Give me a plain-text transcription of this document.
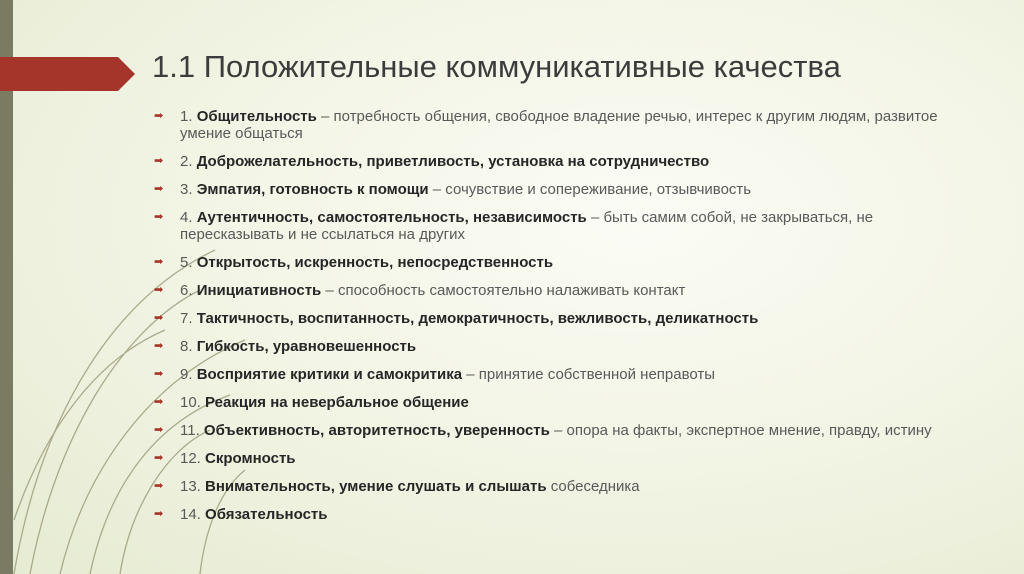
1.1 Положительные коммуникативные качества
➡ 1. Общительность – потребность общения, свободное владение речью, интерес к другим людям, развитое умение общаться
➡ 2. Доброжелательность, приветливость, установка на сотрудничество
➡ 3. Эмпатия, готовность к помощи – сочувствие и сопереживание, отзывчивость
➡ 4. Аутентичность, самостоятельность, независимость – быть самим собой, не закрываться, не пересказывать и не ссылаться на других
➡ 5. Открытость, искренность, непосредственность
➡ 6. Инициативность – способность самостоятельно налаживать контакт
➡ 7. Тактичность, воспитанность, демократичность, вежливость, деликатность
➡ 8. Гибкость, уравновешенность
➡ 9. Восприятие критики и самокритика – принятие собственной неправоты
➡ 10. Реакция на невербальное общение
➡ 11. Объективность, авторитетность, уверенность – опора на факты, экспертное мнение, правду, истину
➡ 12. Скромность
➡ 13. Внимательность, умение слушать и слышать собеседника
➡ 14. Обязательность
